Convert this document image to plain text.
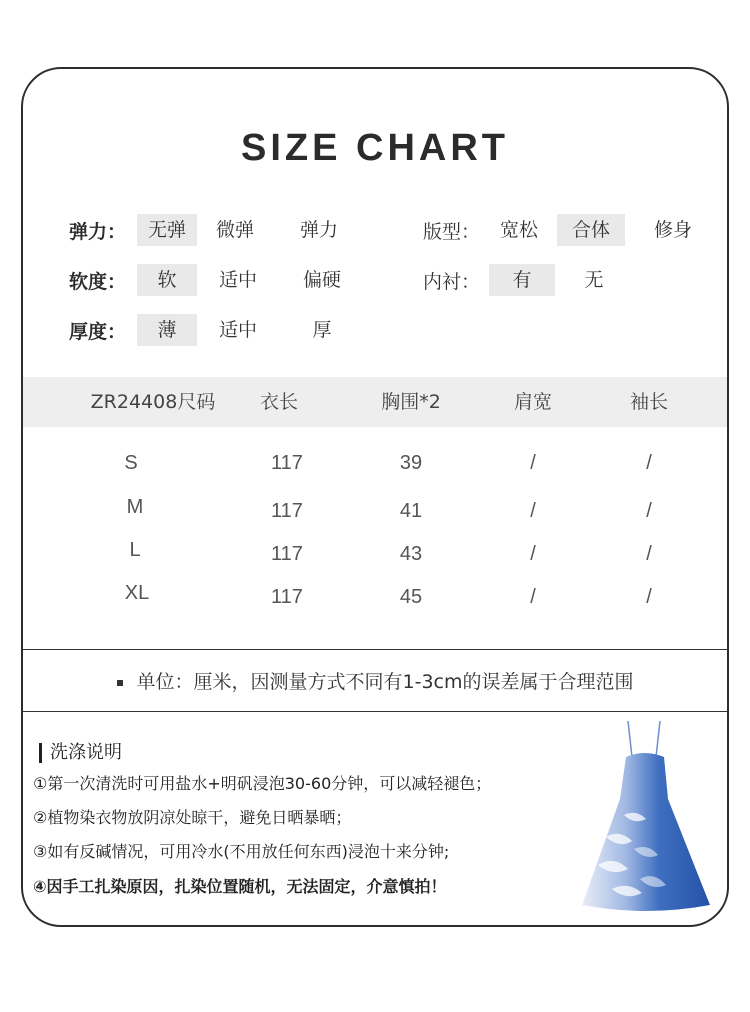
SIZE CHART
弹力：	无弹	微弹	弹力	版型：	宽松	合体	修身
软度：	软	适中	偏硬	内衬：	有	无
厚度：	薄	适中	厚
ZR24408尺码	衣长	胸围*2	肩宽	袖长
S	117	39	/	/
M	117	41	/	/
L	117	43	/	/
XL	117	45	/	/
单位：厘米，因测量方式不同有1-3cm的误差属于合理范围
洗涤说明
①第一次清洗时可用盐水+明矾浸泡30-60分钟，可以减轻褪色；
②植物染衣物放阴凉处晾干，避免日晒暴晒；
③如有反碱情况，可用冷水(不用放任何东西)浸泡十来分钟;
④因手工扎染原因，扎染位置随机，无法固定，介意慎拍！
